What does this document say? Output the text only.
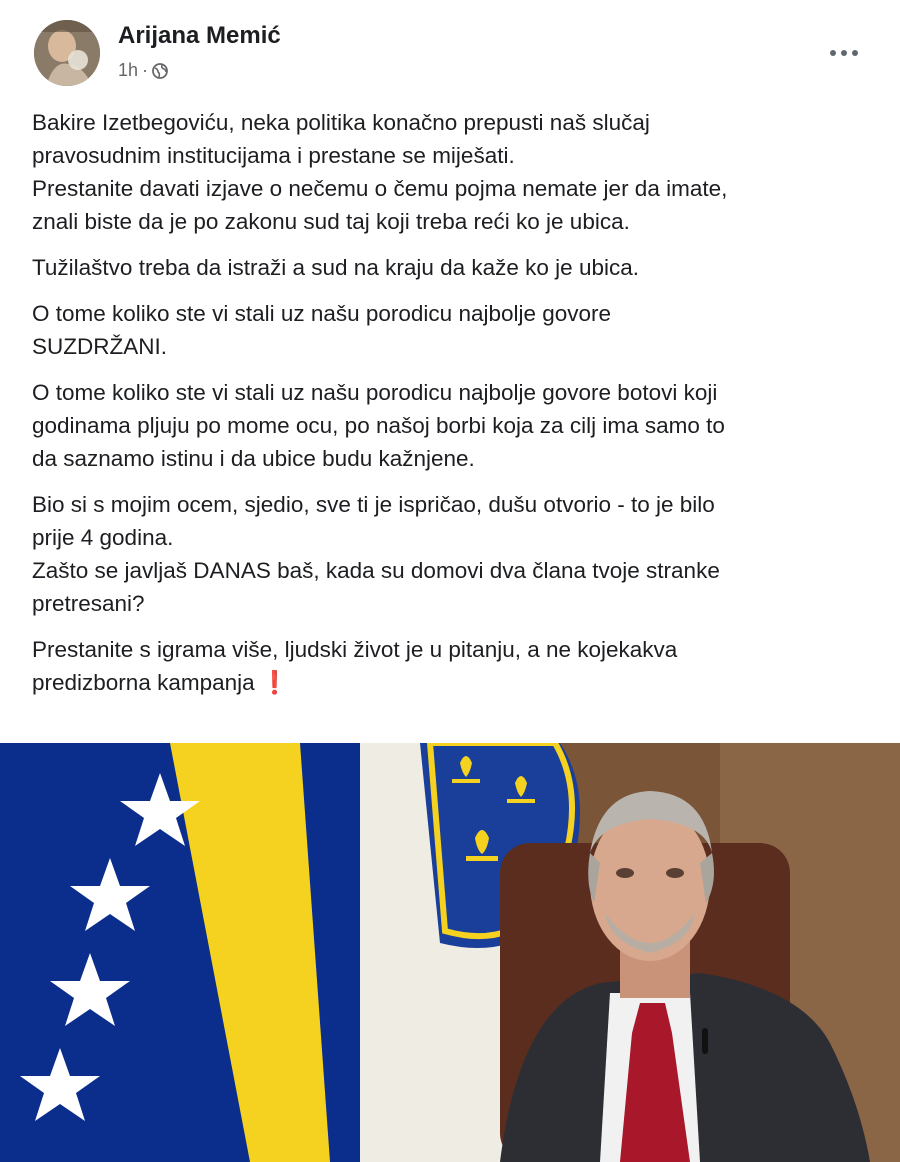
Arijana Memić
1h ·

Bakire Izetbegoviću, neka politika konačno prepusti naš slučaj
pravosudnim institucijama i prestane se miješati.
Prestanite davati izjave o nečemu o čemu pojma nemate jer da imate,
znali biste da je po zakonu sud taj koji treba reći ko je ubica.

Tužilaštvo treba da istraži a sud na kraju da kaže ko je ubica.

O tome koliko ste vi stali uz našu porodicu najbolje govore
SUZDRŽANI.

O tome koliko ste vi stali uz našu porodicu najbolje govore botovi koji
godinama pljuju po mome ocu, po našoj borbi koja za cilj ima samo to
da saznamo istinu i da ubice budu kažnjene.

Bio si s mojim ocem, sjedio, sve ti je ispričao, dušu otvorio - to je bilo
prije 4 godina.
Zašto se javljaš DANAS baš, kada su domovi dva člana tvoje stranke
pretresani?

Prestanite s igrama više, ljudski život je u pitanju, a ne kojekakva
predizborna kampanja ❗
